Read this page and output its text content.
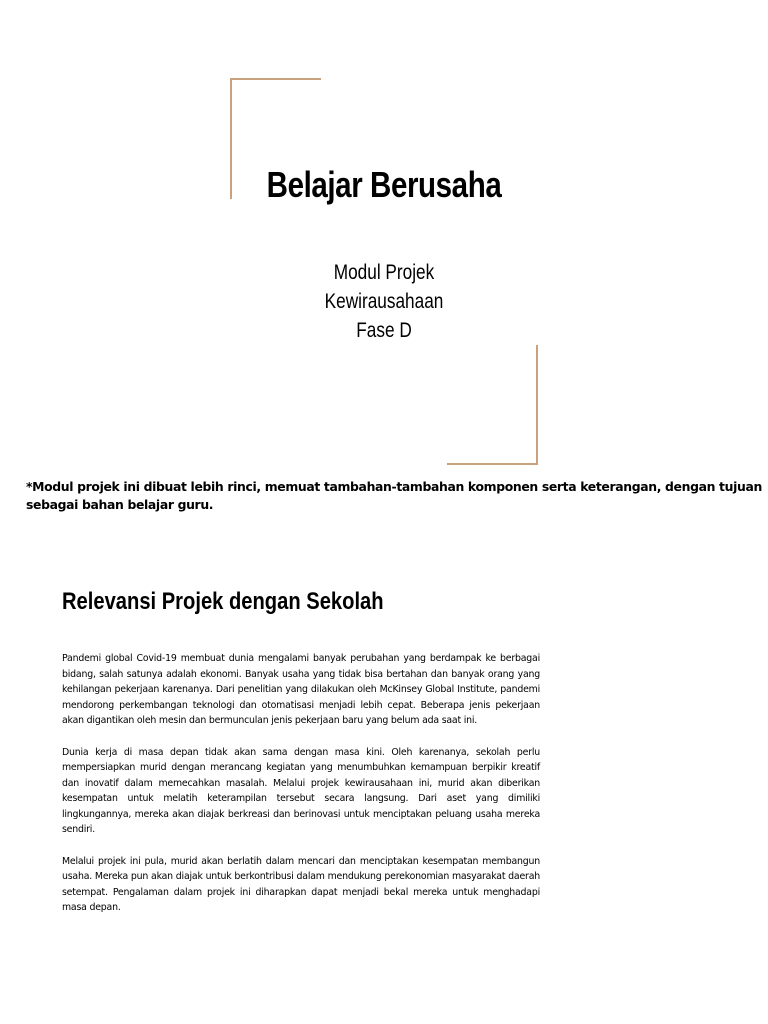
Belajar Berusaha
Modul Projek
Kewirausahaan
Fase D
*Modul projek ini dibuat lebih rinci, memuat tambahan-tambahan komponen serta keterangan, dengan tujuan sebagai bahan belajar guru.
Relevansi Projek dengan Sekolah

Pandemi global Covid-19 membuat dunia mengalami banyak perubahan yang berdampak ke berbagai bidang, salah satunya adalah ekonomi. Banyak usaha yang tidak bisa bertahan dan banyak orang yang kehilangan pekerjaan karenanya. Dari penelitian yang dilakukan oleh McKinsey Global Institute, pandemi mendorong perkembangan teknologi dan otomatisasi menjadi lebih cepat. Beberapa jenis pekerjaan akan digantikan oleh mesin dan bermunculan jenis pekerjaan baru yang belum ada saat ini.

Dunia kerja di masa depan tidak akan sama dengan masa kini. Oleh karenanya, sekolah perlu mempersiapkan murid dengan merancang kegiatan yang menumbuhkan kemampuan berpikir kreatif dan inovatif dalam memecahkan masalah. Melalui projek kewirausahaan ini, murid akan diberikan kesempatan untuk melatih keterampilan tersebut secara langsung. Dari aset yang dimiliki lingkungannya, mereka akan diajak berkreasi dan berinovasi untuk menciptakan peluang usaha mereka sendiri.

Melalui projek ini pula, murid akan berlatih dalam mencari dan menciptakan kesempatan membangun usaha. Mereka pun akan diajak untuk berkontribusi dalam mendukung perekonomian masyarakat daerah setempat. Pengalaman dalam projek ini diharapkan dapat menjadi bekal mereka untuk menghadapi masa depan.
